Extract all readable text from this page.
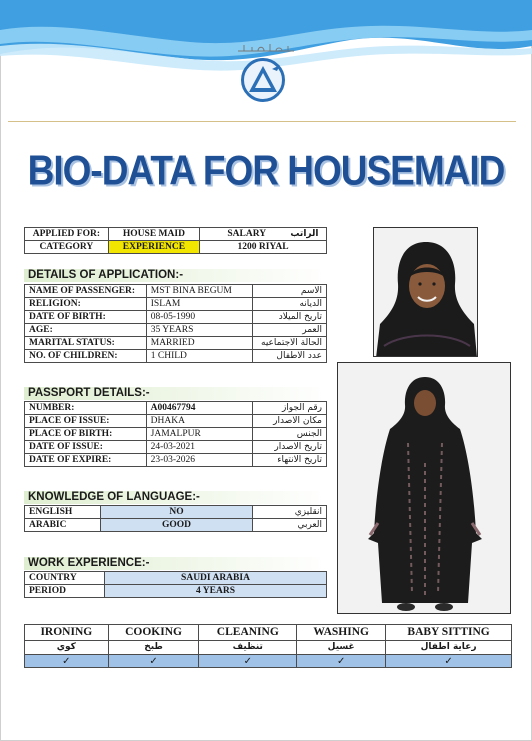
BIO-DATA FOR HOUSEMAID
APPLIED FOR:	HOUSE MAID	SALARY الراتب
CATEGORY	EXPERIENCE	1200 RIYAL
DETAILS OF APPLICATION:-
NAME OF PASSENGER:	MST BINA BEGUM	الاسم
RELIGION:	ISLAM	الديانه
DATE OF BIRTH:	08-05-1990	تاريخ الميلاد
AGE:	35 YEARS	العمر
MARITAL STATUS:	MARRIED	الحالة الاجتماعيه
NO. OF CHILDREN:	1 CHILD	عدد الاطفال
PASSPORT DETAILS:-
NUMBER:	A00467794	رقم الجواز
PLACE OF ISSUE:	DHAKA	مكان الاصدار
PLACE OF BIRTH:	JAMALPUR	الجنس
DATE OF ISSUE:	24-03-2021	تاريخ الاصدار
DATE OF EXPIRE:	23-03-2026	تاريخ الانتهاء
KNOWLEDGE OF LANGUAGE:-
ENGLISH	NO	انقليزي
ARABIC	GOOD	العربي
WORK EXPERIENCE:-
COUNTRY	SAUDI ARABIA
PERIOD	4 YEARS
IRONING	COOKING	CLEANING	WASHING	BABY SITTING
كوي	طبخ	تنظيف	غسيل	رعاية اطفال
✓	✓	✓	✓	✓
